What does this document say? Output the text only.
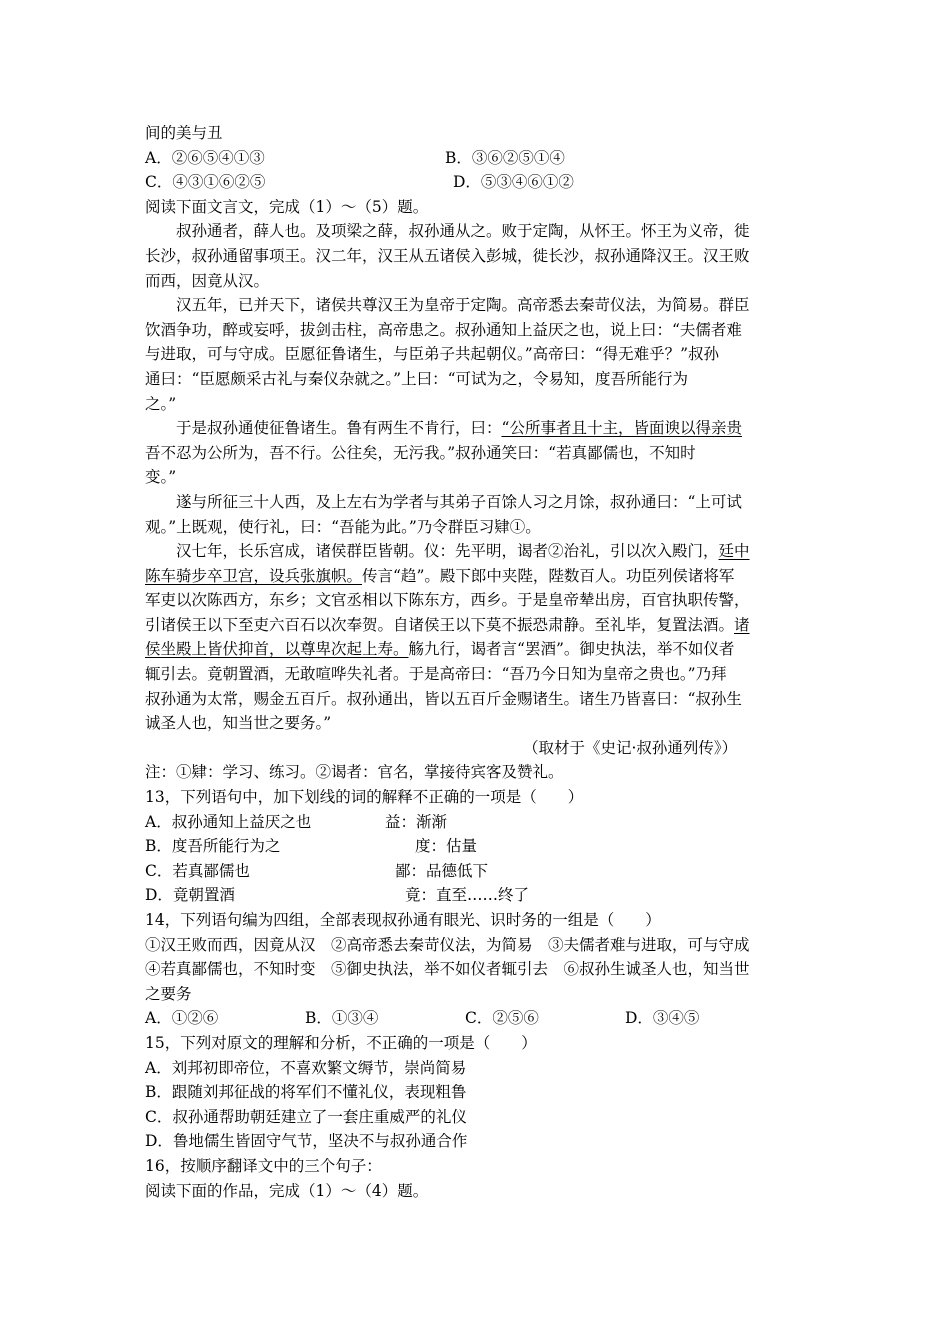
间的美与丑
A．②⑥⑤④①③	B．③⑥②⑤①④
C．④③①⑥②⑤	D．⑤③④⑥①②
阅读下面文言文，完成（1）～（5）题。
叔孙通者，薛人也。及项梁之薛，叔孙通从之。败于定陶，从怀王。怀王为义帝，徙
长沙，叔孙通留事项王。汉二年，汉王从五诸侯入彭城，徙长沙，叔孙通降汉王。汉王败
而西，因竟从汉。
汉五年，已并天下，诸侯共尊汉王为皇帝于定陶。高帝悉去秦苛仪法，为简易。群臣
饮酒争功，醉或妄呼，拔剑击柱，高帝患之。叔孙通知上益厌之也，说上曰：“夫儒者难
与进取，可与守成。臣愿征鲁诸生，与臣弟子共起朝仪。”高帝曰：“得无难乎？”叔孙
通曰：“臣愿颇采古礼与秦仪杂就之。”上曰：“可试为之，令易知，度吾所能行为
之。”
于是叔孙通使征鲁诸生。鲁有两生不肯行，曰：“公所事者且十主，皆面谀以得亲贵
吾不忍为公所为，吾不行。公往矣，无污我。”叔孙通笑曰：“若真鄙儒也，不知时
变。”
遂与所征三十人西，及上左右为学者与其弟子百馀人习之月馀，叔孙通曰：“上可试
观。”上既观，使行礼，曰：“吾能为此。”乃令群臣习肄①。
汉七年，长乐宫成，诸侯群臣皆朝。仪：先平明，谒者②治礼，引以次入殿门，廷中
陈车骑步卒卫宫，设兵张旗帜。传言“趋”。殿下郎中夹陛，陛数百人。功臣列侯诸将军
军吏以次陈西方，东乡；文官丞相以下陈东方，西乡。于是皇帝辇出房，百官执职传警，
引诸侯王以下至吏六百石以次奉贺。自诸侯王以下莫不振恐肃静。至礼毕，复置法酒。诸
侯坐殿上皆伏抑首，以尊卑次起上寿。觞九行，谒者言“罢酒”。御史执法，举不如仪者
辄引去。竟朝置酒，无敢喧哗失礼者。于是高帝曰：“吾乃今日知为皇帝之贵也。”乃拜
叔孙通为太常，赐金五百斤。叔孙通出，皆以五百斤金赐诸生。诸生乃皆喜曰：“叔孙生
诚圣人也，知当世之要务。”
（取材于《史记·叔孙通列传》）
注：①肄：学习、练习。②谒者：官名，掌接待宾客及赞礼。
13，下列语句中，加下划线的词的解释不正确的一项是（　　）
A．叔孙通知上益厌之也	益：渐渐
B．度吾所能行为之	度：估量
C．若真鄙儒也	鄙：品德低下
D．竟朝置酒	竟：直至……终了
14，下列语句编为四组，全部表现叔孙通有眼光、识时务的一组是（　　）
①汉王败而西，因竟从汉　②高帝悉去秦苛仪法，为简易　③夫儒者难与进取，可与守成
④若真鄙儒也，不知时变　⑤御史执法，举不如仪者辄引去　⑥叔孙生诚圣人也，知当世
之要务
A．①②⑥	B．①③④	C．②⑤⑥	D．③④⑤
15，下列对原文的理解和分析，不正确的一项是（　　）
A．刘邦初即帝位，不喜欢繁文缛节，崇尚简易
B．跟随刘邦征战的将军们不懂礼仪，表现粗鲁
C．叔孙通帮助朝廷建立了一套庄重威严的礼仪
D．鲁地儒生皆固守气节，坚决不与叔孙通合作
16，按顺序翻译文中的三个句子：
阅读下面的作品，完成（1）～（4）题。
